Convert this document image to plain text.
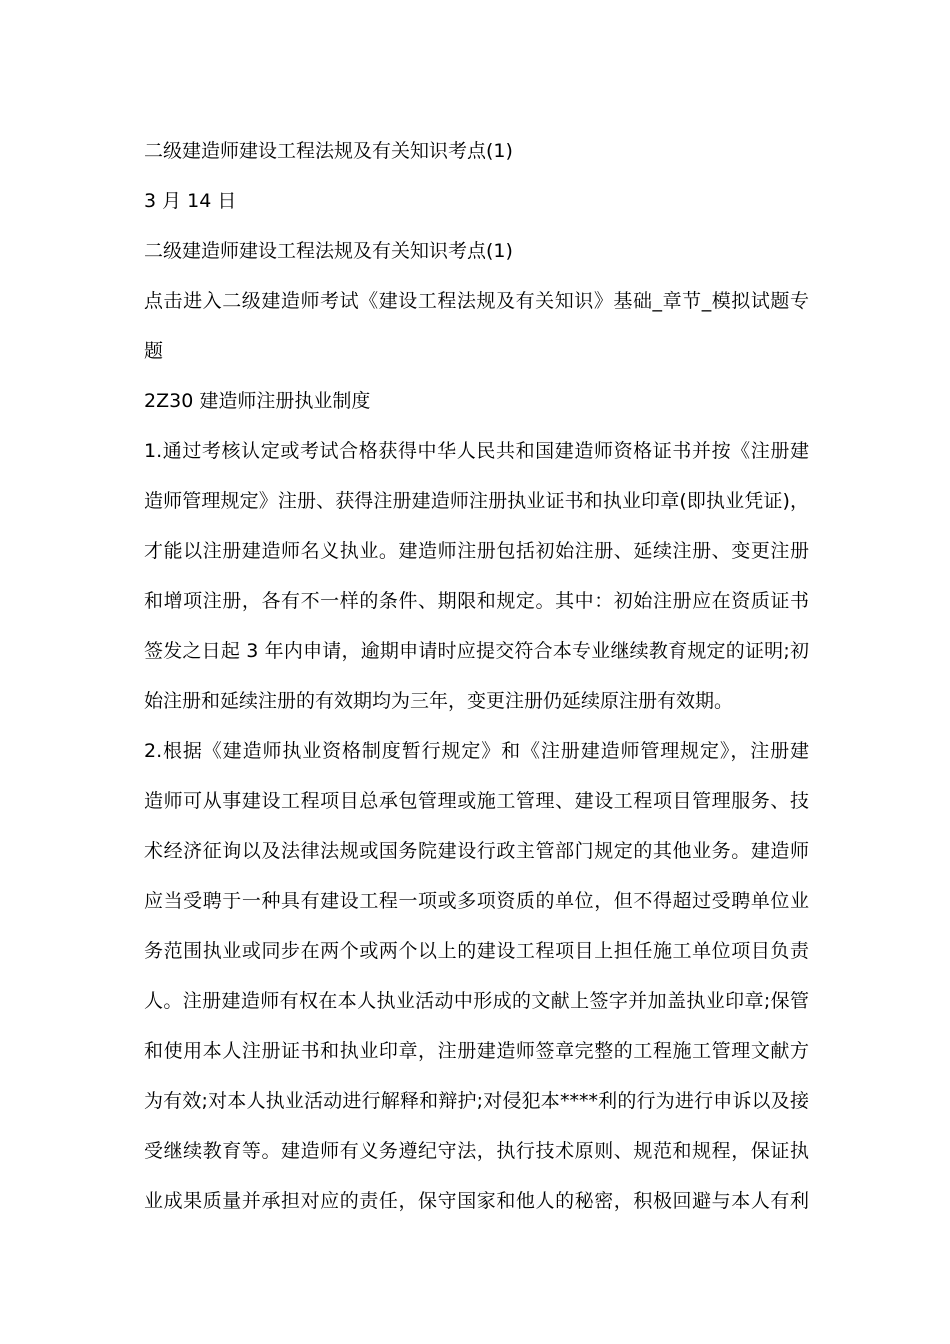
二级建造师建设工程法规及有关知识考点(1)
3 月 14 日
二级建造师建设工程法规及有关知识考点(1)
点击进入二级建造师考试《建设工程法规及有关知识》基础_章节_模拟试题专
题
2Z30 建造师注册执业制度
1.通过考核认定或考试合格获得中华人民共和国建造师资格证书并按《注册建
造师管理规定》注册、获得注册建造师注册执业证书和执业印章(即执业凭证)，
才能以注册建造师名义执业。建造师注册包括初始注册、延续注册、变更注册
和增项注册，各有不一样的条件、期限和规定。其中：初始注册应在资质证书
签发之日起 3 年内申请，逾期申请时应提交符合本专业继续教育规定的证明;初
始注册和延续注册的有效期均为三年，变更注册仍延续原注册有效期。
2.根据《建造师执业资格制度暂行规定》和《注册建造师管理规定》，注册建
造师可从事建设工程项目总承包管理或施工管理、建设工程项目管理服务、技
术经济征询以及法律法规或国务院建设行政主管部门规定的其他业务。建造师
应当受聘于一种具有建设工程一项或多项资质的单位，但不得超过受聘单位业
务范围执业或同步在两个或两个以上的建设工程项目上担任施工单位项目负责
人。注册建造师有权在本人执业活动中形成的文献上签字并加盖执业印章;保管
和使用本人注册证书和执业印章，注册建造师签章完整的工程施工管理文献方
为有效;对本人执业活动进行解释和辩护;对侵犯本****利的行为进行申诉以及接
受继续教育等。建造师有义务遵纪守法，执行技术原则、规范和规程，保证执
业成果质量并承担对应的责任，保守国家和他人的秘密，积极回避与本人有利
